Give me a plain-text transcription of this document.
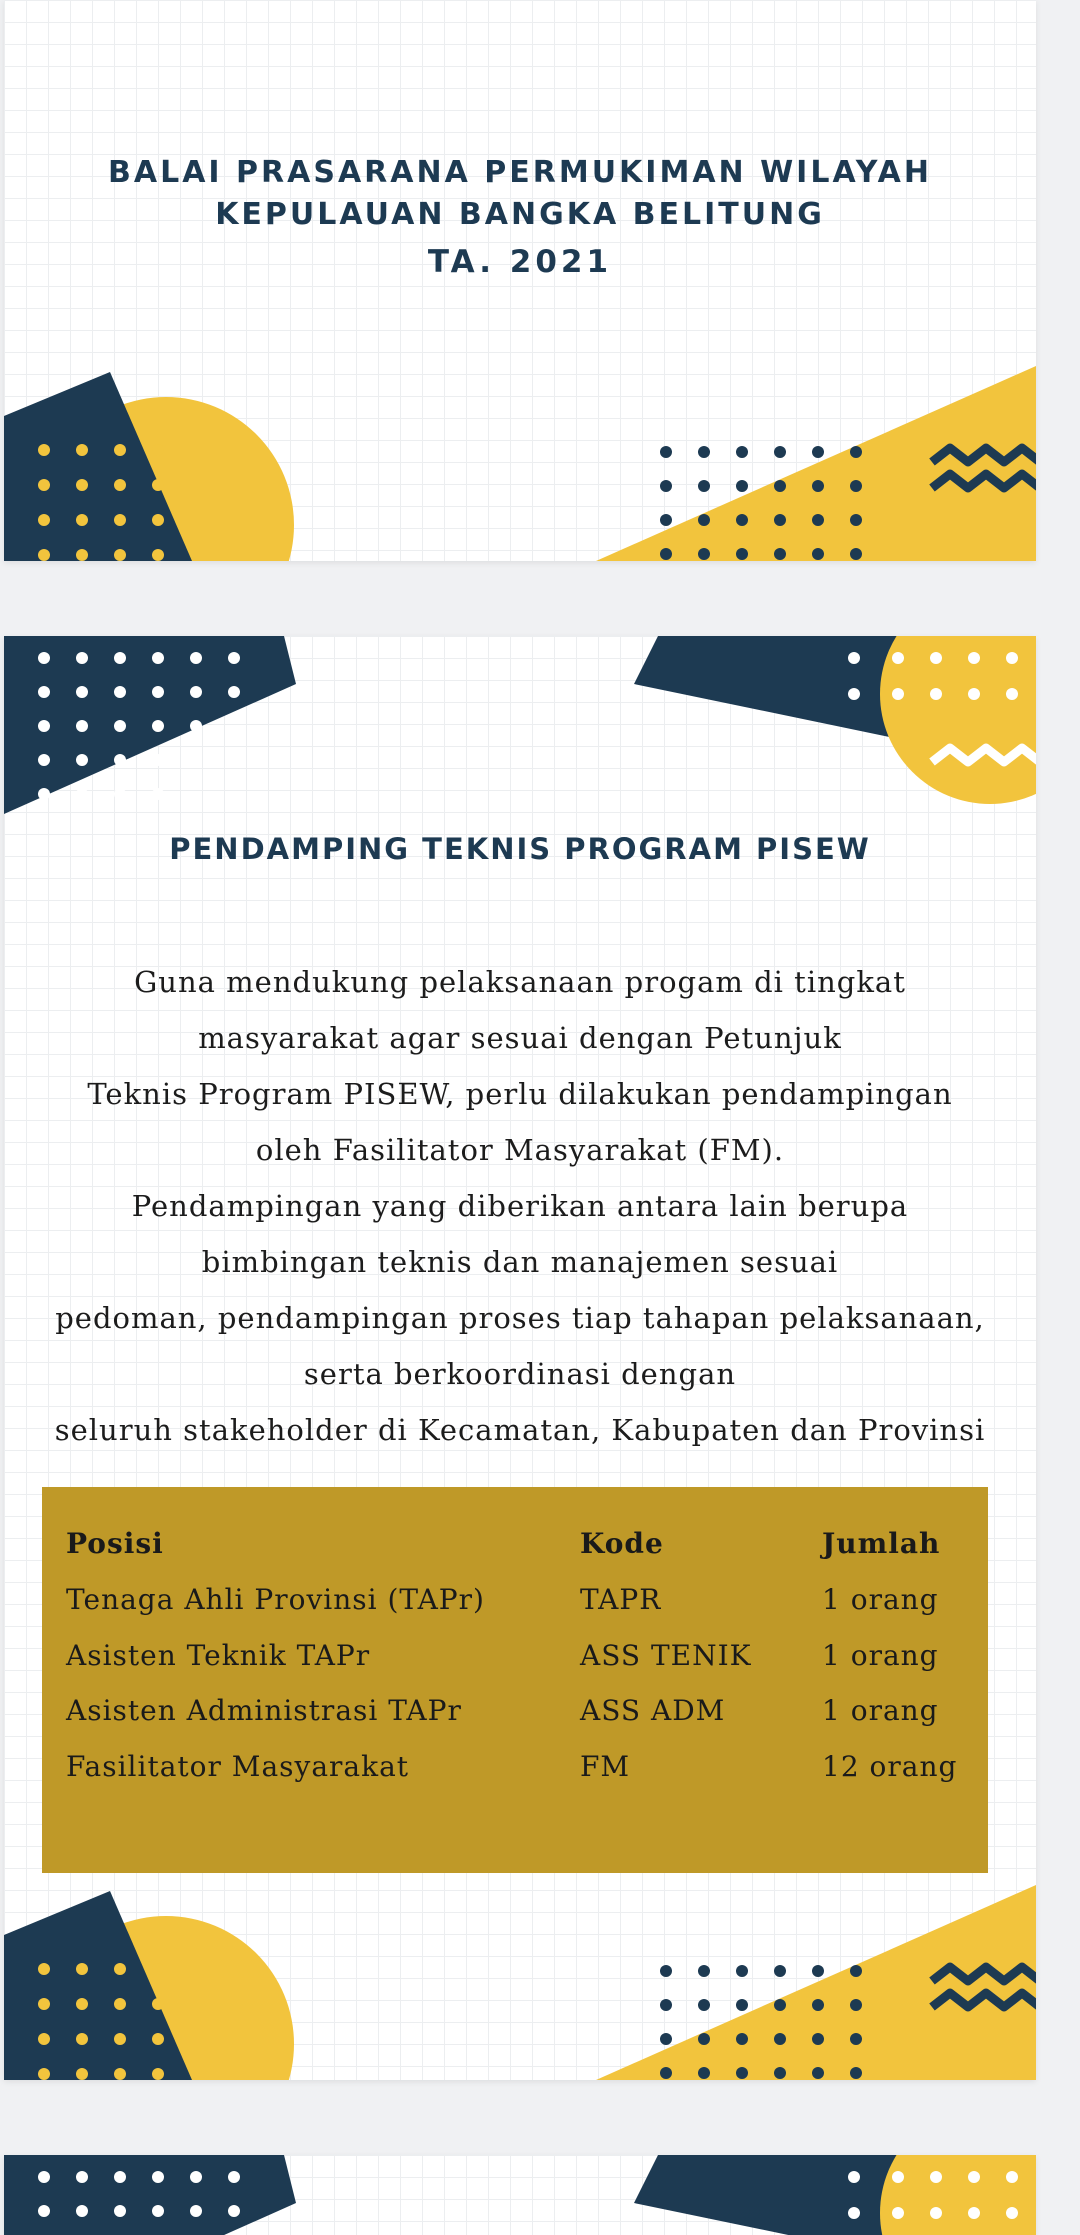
BALAI PRASARANA PERMUKIMAN WILAYAH
KEPULAUAN BANGKA BELITUNG
TA. 2021
PENDAMPING TEKNIS PROGRAM PISEW
Guna mendukung pelaksanaan progam di tingkat
masyarakat agar sesuai dengan Petunjuk
Teknis Program PISEW, perlu dilakukan pendampingan
oleh Fasilitator Masyarakat (FM).
Pendampingan yang diberikan antara lain berupa
bimbingan teknis dan manajemen sesuai
pedoman, pendampingan proses tiap tahapan pelaksanaan,
serta berkoordinasi dengan
seluruh stakeholder di Kecamatan, Kabupaten dan Provinsi
Posisi	Kode	Jumlah
Tenaga Ahli Provinsi (TAPr)	TAPR	1 orang
Asisten Teknik TAPr	ASS TENIK	1 orang
Asisten Administrasi TAPr	ASS ADM	1 orang
Fasilitator Masyarakat	FM	12 orang
